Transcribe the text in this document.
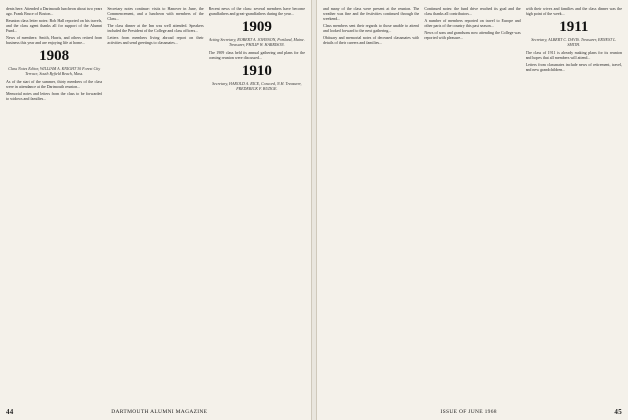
dents here. Attended a Dartmouth luncheon about two years ago. Frank Bruce of Boston...
Reunion class letter notes: Bob Hall reported on his travels, and the class agent thanks all for support of the Alumni Fund...
News of members: Smith, Harris, and others retired from business this year and are enjoying life at home...
1908
Class Notes Editor, WILLIAM A. KNIGHT 30 Forest City Terrace, South Byfield Beach, Mass.
As of the start of the summer, thirty members of the class were in attendance at the Dartmouth reunion...
Memorial notes and letters from the class to be forwarded to widows and families...
Secretary notes continue: visits to Hanover in June, the Commencement, and a luncheon with members of the Class...
The class dinner at the Inn was well attended. Speakers included the President of the College and class officers...
Letters from members living abroad report on their activities and send greetings to classmates...
Recent news of the class: several members have become grandfathers and great-grandfathers during the year...
1909
Acting Secretary, ROBERT A. JOHNSON, Portland, Maine. Treasurer, PHILIP W. HARRISON.
The 1909 class held its annual gathering and plans for the coming reunion were discussed...
1910
Secretary, HAROLD A. RICE, Concord, N.H. Treasurer, FREDERICK F. BUDGE.
44	DARTMOUTH ALUMNI MAGAZINE
and many of the class were present at the reunion. The weather was fine and the festivities continued through the weekend...
Class members sent their regards to those unable to attend and looked forward to the next gathering...
Obituary and memorial notes of deceased classmates with details of their careers and families...
Continued notes: the fund drive reached its goal and the class thanks all contributors...
A number of members reported on travel to Europe and other parts of the country this past season...
News of sons and grandsons now attending the College was reported with pleasure...
with their wives and families and the class dinner was the high point of the week...
1911
Secretary, ALBERT C. DAVIS. Treasurer, ERNEST L. SMITH.
The class of 1911 is already making plans for its reunion and hopes that all members will attend...
Letters from classmates include news of retirement, travel, and new grandchildren...
ISSUE OF JUNE 1968	45
